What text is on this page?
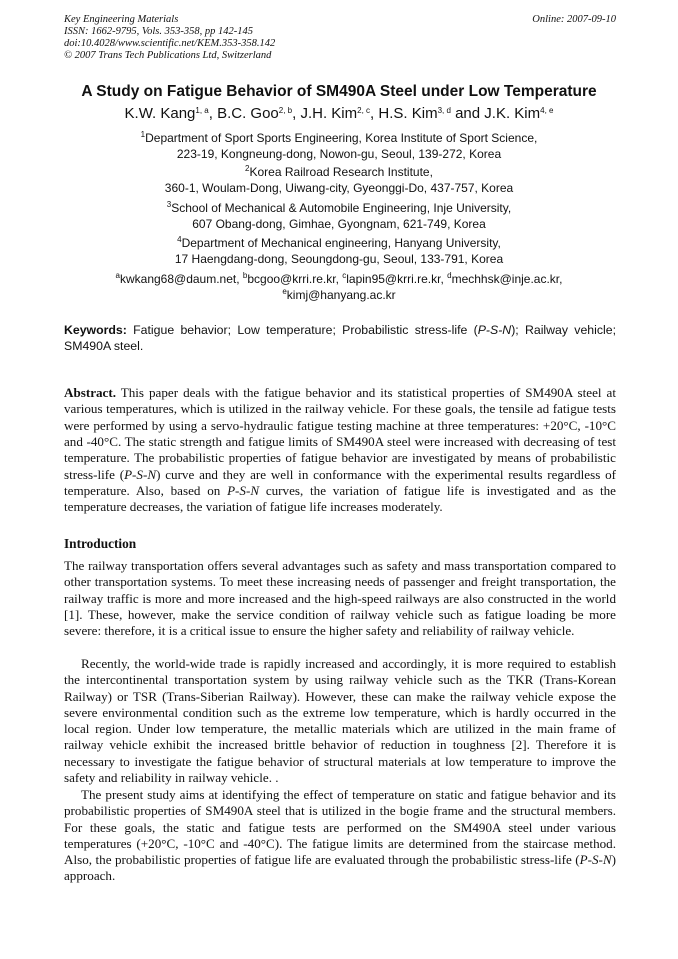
Key Engineering Materials
ISSN: 1662-9795, Vols. 353-358, pp 142-145
doi:10.4028/www.scientific.net/KEM.353-358.142
© 2007 Trans Tech Publications Ltd, Switzerland
Online: 2007-09-10
A Study on Fatigue Behavior of SM490A Steel under Low Temperature
K.W. Kang$^{1, a}$, B.C. Goo$^{2, b}$, J.H. Kim$^{2, c}$, H.S. Kim$^{3, d}$ and J.K. Kim$^{4, e}$
$^1$Department of Sport Sports Engineering, Korea Institute of Sport Science,
223-19, Kongneung-dong, Nowon-gu, Seoul, 139-272, Korea
$^2$Korea Railroad Research Institute,
360-1, Woulam-Dong, Uiwang-city, Gyeonggi-Do, 437-757, Korea
$^3$School of Mechanical & Automobile Engineering, Inje University,
607 Obang-dong, Gimhae, Gyongnam, 621-749, Korea
$^4$Department of Mechanical engineering, Hanyang University,
17 Haengdang-dong, Seoungdong-gu, Seoul, 133-791, Korea
$^a$kwkang68@daum.net, $^b$bcgoo@krri.re.kr, $^c$lapin95@krri.re.kr, $^d$mechhsk@inje.ac.kr,
$^e$kimj@hanyang.ac.kr
Keywords: Fatigue behavior; Low temperature; Probabilistic stress-life (P-S-N); Railway vehicle; SM490A steel.

Abstract. This paper deals with the fatigue behavior and its statistical properties of SM490A steel at various temperatures, which is utilized in the railway vehicle. For these goals, the tensile ad fatigue tests were performed by using a servo-hydraulic fatigue testing machine at three temperatures: +20°C, -10°C and -40°C. The static strength and fatigue limits of SM490A steel were increased with decreasing of test temperature. The probabilistic properties of fatigue behavior are investigated by means of probabilistic stress-life (P-S-N) curve and they are well in conformance with the experimental results regardless of temperature. Also, based on P-S-N curves, the variation of fatigue life is investigated and as the temperature decreases, the variation of fatigue life increases moderately.

Introduction

The railway transportation offers several advantages such as safety and mass transportation compared to other transportation systems. To meet these increasing needs of passenger and freight transportation, the railway traffic is more and more increased and the high-speed railways are also constructed in the world [1]. These, however, make the service condition of railway vehicle such as fatigue loading be more severe: therefore, it is a critical issue to ensure the higher safety and reliability of railway vehicle.

Recently, the world-wide trade is rapidly increased and accordingly, it is more required to establish the intercontinental transportation system by using railway vehicle such as the TKR (Trans-Korean Railway) or TSR (Trans-Siberian Railway). However, these can make the railway vehicle expose the severe environmental condition such as the extreme low temperature, which is hardly occurred in the local region. Under low temperature, the metallic materials which are utilized in the main frame of railway vehicle exhibit the increased brittle behavior of reduction in toughness [2]. Therefore it is necessary to investigate the fatigue behavior of structural materials at low temperature to improve the safety and reliability in railway vehicle. .

The present study aims at identifying the effect of temperature on static and fatigue behavior and its probabilistic properties of SM490A steel that is utilized in the bogie frame and the structural members. For these goals, the static and fatigue tests are performed on the SM490A steel under various temperatures (+20°C, -10°C and -40°C). The fatigue limits are determined from the staircase method. Also, the probabilistic properties of fatigue life are evaluated through the probabilistic stress-life (P-S-N) approach.
